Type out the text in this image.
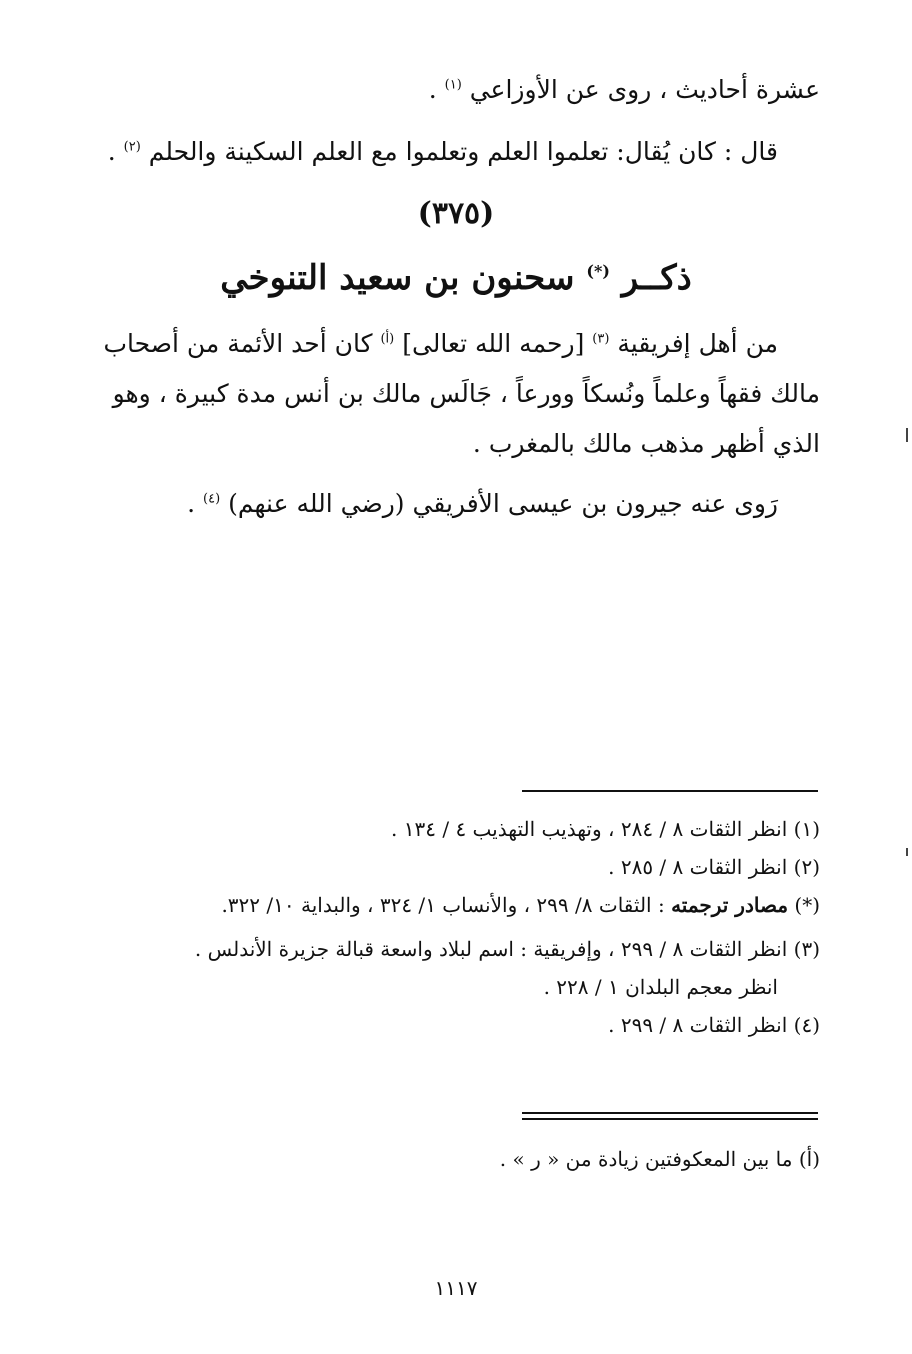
عشرة أحاديث ، روى عن الأوزاعي $^{(١)}$ .
قال : كان يُقال: تعلموا العلم وتعلموا مع العلم السكينة والحلم $^{(٢)}$ .
(٣٧٥)
ذكــر (*) سحنون بن سعيد التنوخي
من أهل إفريقية $^{(٣)}$ [رحمه الله تعالى] $^{(أ)}$ كان أحد الأئمة من أصحاب
مالك فقهاً وعلماً ونُسكاً وورعاً ، جَالَس مالك بن أنس مدة كبيرة ، وهو
الذي أظهر مذهب مالك بالمغرب .
رَوى عنه جيرون بن عيسى الأفريقي (رضي الله عنهم) $^{(٤)}$ .
(١) انظر الثقات ٨ / ٢٨٤ ، وتهذيب التهذيب ٤ / ١٣٤ .
(٢) انظر الثقات ٨ / ٢٨٥ .
(*) مصادر ترجمته : الثقات ٨/ ٢٩٩ ، والأنساب ١/ ٣٢٤ ، والبداية ١٠/ ٣٢٢.
(٣) انظر الثقات ٨ / ٢٩٩ ، وإفريقية : اسم لبلاد واسعة قبالة جزيرة الأندلس .
انظر معجم البلدان ١ / ٢٢٨ .
(٤) انظر الثقات ٨ / ٢٩٩ .
(أ) ما بين المعكوفتين زيادة من « ر » .
١١١٧
